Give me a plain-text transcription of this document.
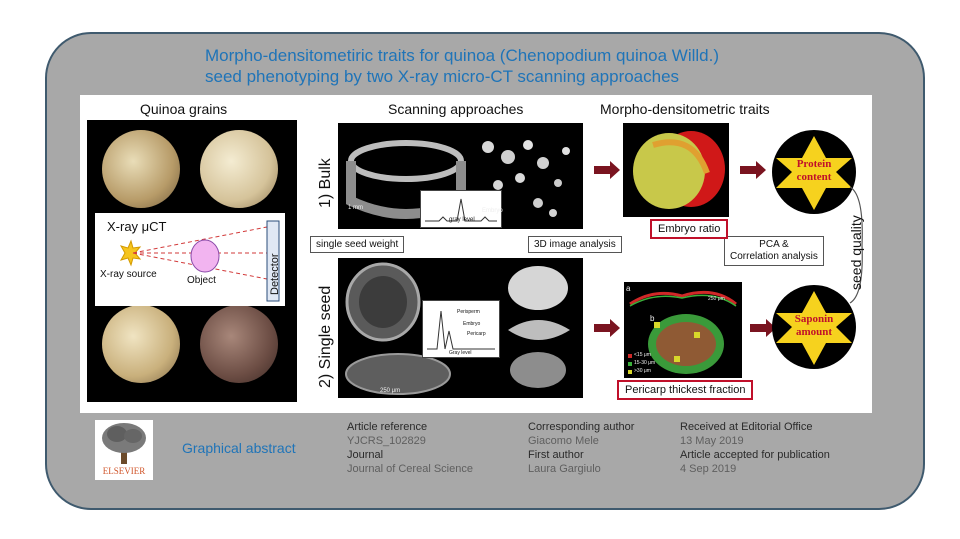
Morpho-densitometiric traits for quinoa (Chenopodium quinoa Willd.)
seed phenotyping by two X-ray micro-CT scanning approaches
Quinoa grains	Scanning approaches	Morpho-densitometric traits
X-ray μCT
X-ray source
Object	Detector
1) Bulk
2) Single seed
gray level
Embryo
1 mm
Perisperm
Embryo
Pericarp
Gray level
250 μm
single seed weight	3D image analysis	PCA &
Correlation analysis
Embryo ratio
a
b
250 μm
<15 μm
15-30 μm
>30 μm
Pericarp thickest fraction
Protein
content
Saponin
amount
seed quality
ELSEVIER
Graphical abstract
Article reference
YJCRS_102829
Journal
Journal of Cereal Science
Corresponding author
Giacomo Mele
First author
Laura Gargiulo
Received at Editorial Office
13 May 2019
Article accepted for publication
4 Sep 2019
